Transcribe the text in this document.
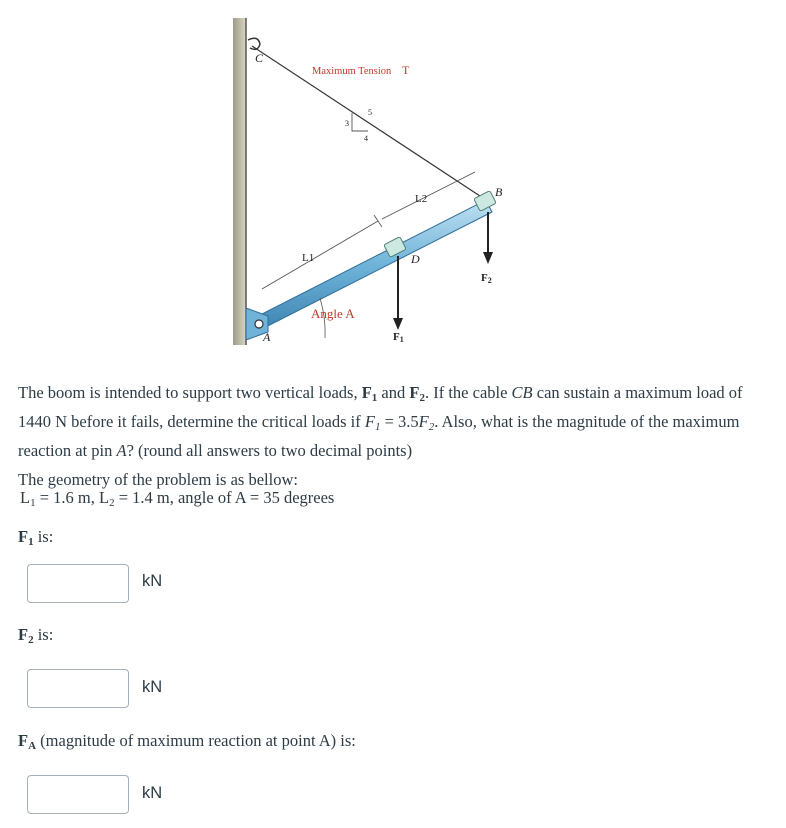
C
Maximum Tension T
3
5
4
L2	B
L1	D
F2
Angle A
A	F1

The boom is intended to support two vertical loads, $F_1$ and $F_2$. If the cable CB can sustain a maximum load of 1440 N before it fails, determine the critical loads if $F_1 = 3.5F_2$. Also, what is the magnitude of the maximum reaction at pin A? (round all answers to two decimal points)

The geometry of the problem is as bellow:

$L_1 = 1.6$ m, $L_2 = 1.4$ m, angle of A = 35 degrees
$F_1$ is:
kN
$F_2$ is:
kN
$F_A$ (magnitude of maximum reaction at point A) is:
kN
